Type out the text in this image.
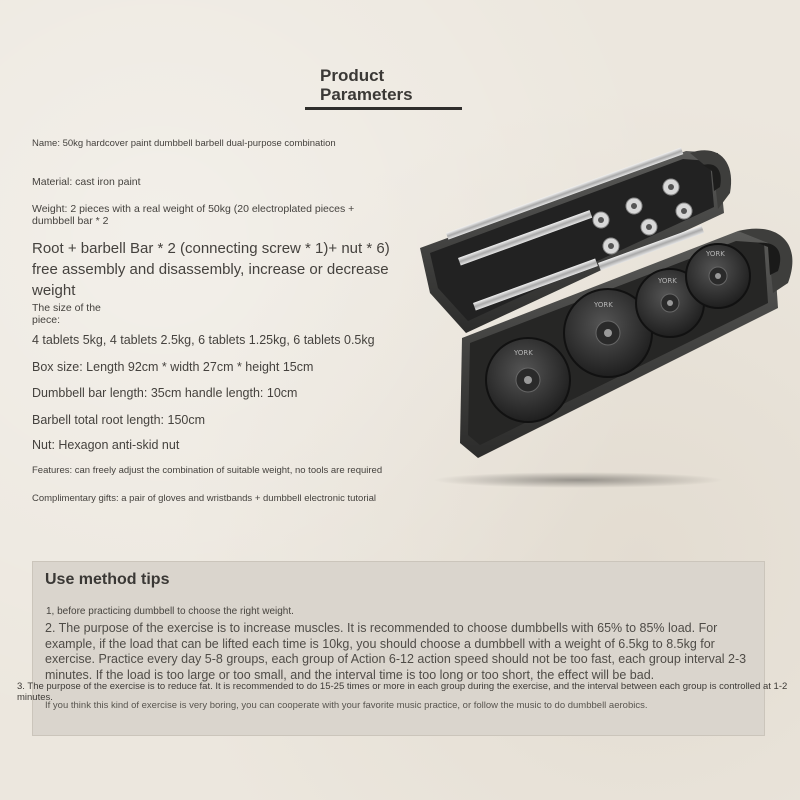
Product Parameters

Name: 50kg hardcover paint dumbbell barbell dual-purpose combination

Material: cast iron paint

Weight: 2 pieces with a real weight of 50kg (20 electroplated pieces + dumbbell bar * 2

Root + barbell Bar * 2 (connecting screw * 1)+ nut * 6) free assembly and disassembly, increase or decrease weight

The size of the piece:

4 tablets 5kg, 4 tablets 2.5kg, 6 tablets 1.25kg, 6 tablets 0.5kg

Box size: Length 92cm * width 27cm * height 15cm

Dumbbell bar length: 35cm handle length: 10cm

Barbell total root length: 150cm

Nut: Hexagon anti-skid nut

Features: can freely adjust the combination of suitable weight, no tools are required

Complimentary gifts: a pair of gloves and wristbands + dumbbell electronic tutorial

YORK
YORK
YORK
YORK
Use method tips

1, before practicing dumbbell to choose the right weight.

2. The purpose of the exercise is to increase muscles. It is recommended to choose dumbbells with 65% to 85% load. For example, if the load that can be lifted each time is 10kg, you should choose a dumbbell with a weight of 6.5kg to 8.5kg for exercise. Practice every day 5-8 groups, each group of Action 6-12 action speed should not be too fast, each group interval 2-3 minutes. If the load is too large or too small, and the interval time is too long or too short, the effect will be bad.

3. The purpose of the exercise is to reduce fat. It is recommended to do 15-25 times or more in each group during the exercise, and the interval between each group is controlled at 1-2 minutes.

If you think this kind of exercise is very boring, you can cooperate with your favorite music practice, or follow the music to do dumbbell aerobics.
